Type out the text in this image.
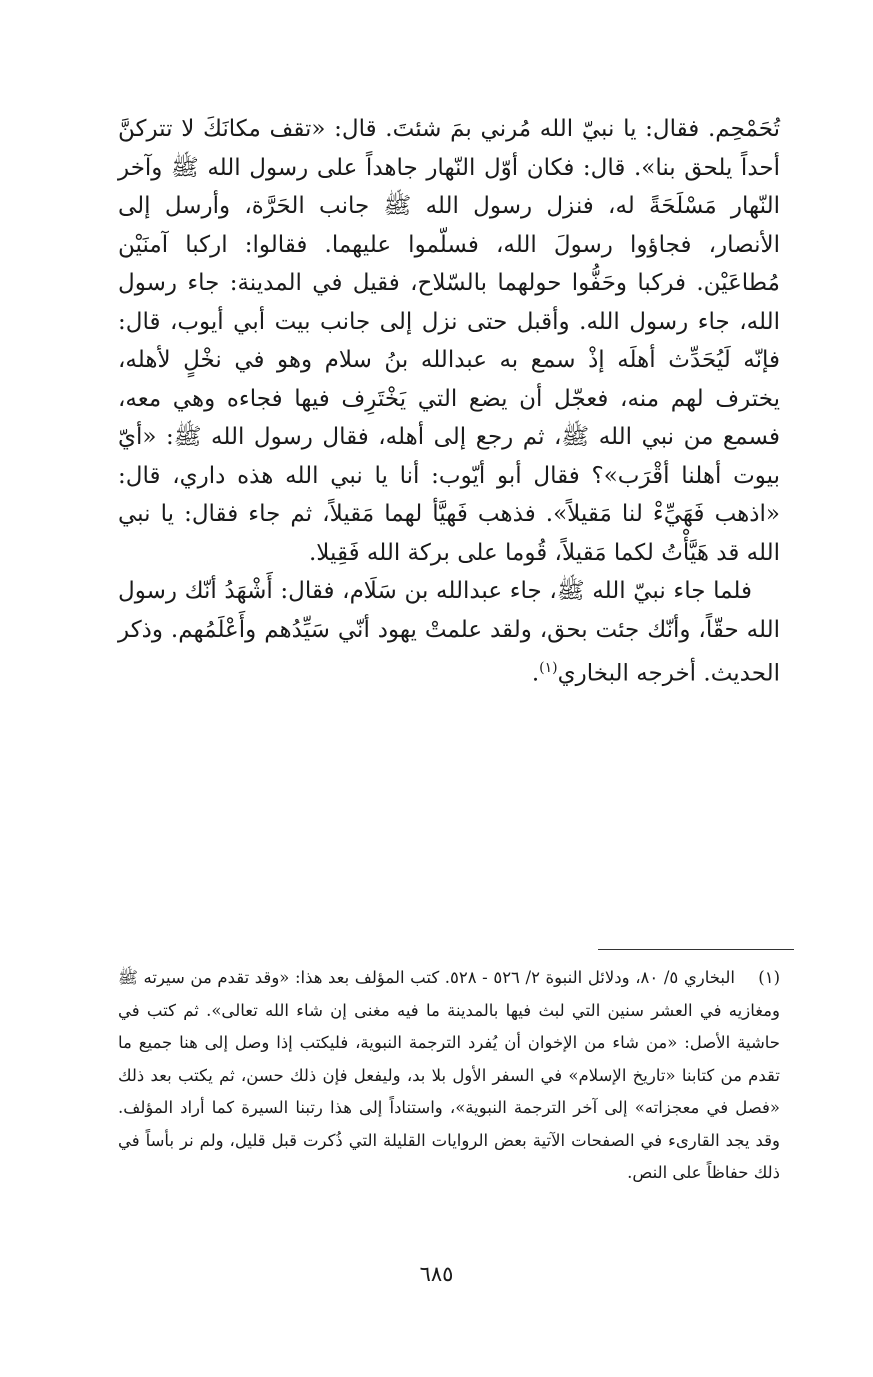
تُحَمْحِم. فقال: يا نبيّ الله مُرني بمَ شئتَ. قال: «تقف مكانَكَ لا تتركنَّ أحداً يلحق بنا». قال: فكان أوّل النّهار جاهداً على رسول الله ﷺ وآخر النّهار مَسْلَحَةً له، فنزل رسول الله ﷺ جانب الحَرَّة، وأرسل إلى الأنصار، فجاؤوا رسولَ الله، فسلّموا عليهما. فقالوا: اركبا آمنَيْن مُطاعَيْن. فركبا وحَفُّوا حولهما بالسّلاح، فقيل في المدينة: جاء رسول الله، جاء رسول الله. وأقبل حتى نزل إلى جانب بيت أبي أيوب، قال: فإنّه لَيُحَدِّث أهلَه إذْ سمع به عبدالله بنُ سلام وهو في نخْلٍ لأهله، يخترف لهم منه، فعجّل أن يضع التي يَخْتَرِف فيها فجاءه وهي معه، فسمع من نبي الله ﷺ، ثم رجع إلى أهله، فقال رسول الله ﷺ: «أيّ بيوت أهلنا أقْرَب»؟ فقال أبو أيّوب: أنا يا نبي الله هذه داري، قال: «اذهب فَهَيِّءْ لنا مَقيلاً». فذهب فَهيَّأ لهما مَقيلاً، ثم جاء فقال: يا نبي الله قد هَيَّأْتُ لكما مَقيلاً، قُوما على بركة الله فَقِيلا.

فلما جاء نبيّ الله ﷺ، جاء عبدالله بن سَلَام، فقال: أَشْهَدُ أنّك رسول الله حقّاً، وأنّك جئت بحق، ولقد علمتْ يهود أنّي سَيِّدُهم وأَعْلَمُهم. وذكر الحديث. أخرجه البخاري$^{(١)}$.

(١)

البخاري ٥/ ٨٠، ودلائل النبوة ٢/ ٥٢٦ - ٥٢٨. كتب المؤلف بعد هذا: «وقد تقدم من سيرته ﷺ ومغازيه في العشر سنين التي لبث فيها بالمدينة ما فيه مغنى إن شاء الله تعالى». ثم كتب في حاشية الأصل: «من شاء من الإخوان أن يُفرد الترجمة النبوية، فليكتب إذا وصل إلى هنا جميع ما تقدم من كتابنا «تاريخ الإسلام» في السفر الأول بلا بد، وليفعل فإن ذلك حسن، ثم يكتب بعد ذلك «فصل في معجزاته» إلى آخر الترجمة النبوية»، واستناداً إلى هذا رتبنا السيرة كما أراد المؤلف. وقد يجد القارىء في الصفحات الآتية بعض الروايات القليلة التي ذُكرت قبل قليل، ولم نر بأساً في ذلك حفاظاً على النص.

٦٨٥
